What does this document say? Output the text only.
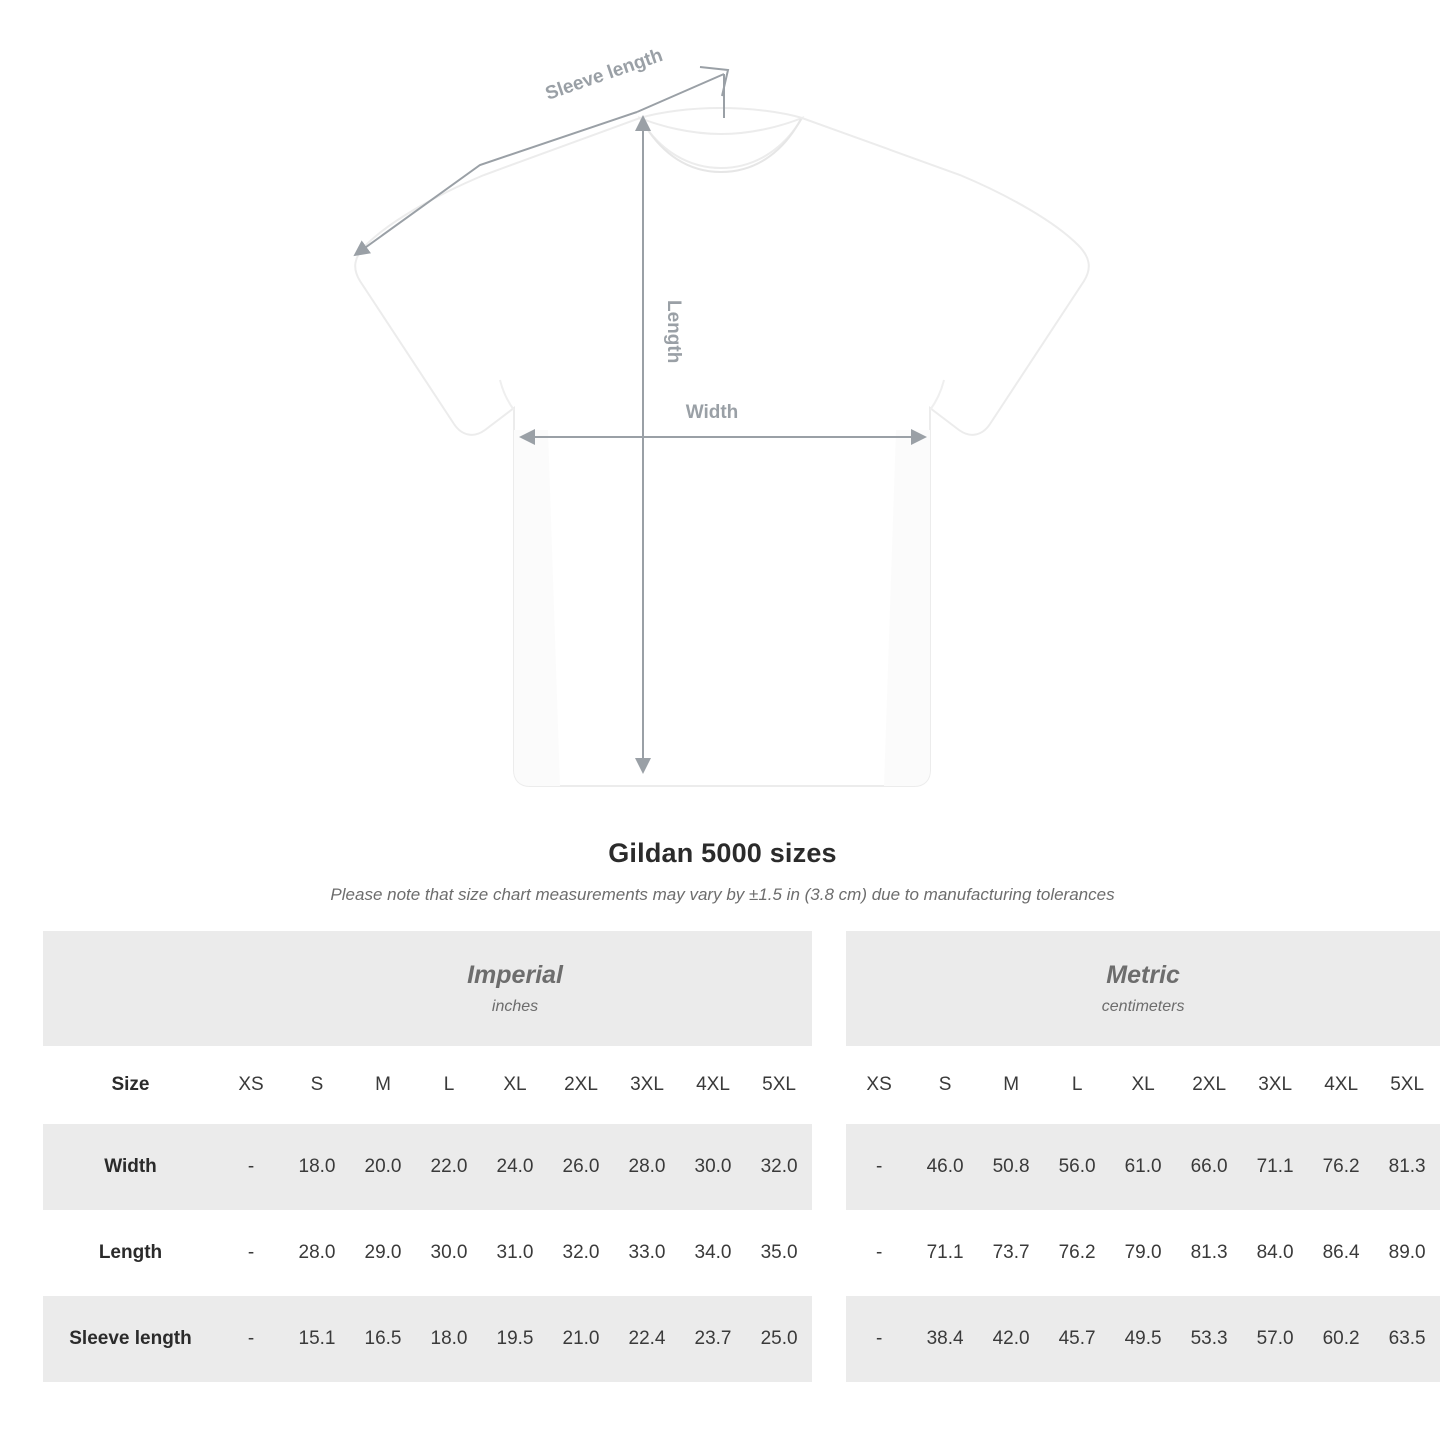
Sleeve length
Length
Width
Gildan 5000 sizes
Please note that size chart measurements may vary by ±1.5 in (3.8 cm) due to manufacturing tolerances

Imperial
inches

Metric
centimeters

Size	XS	S	M	L	XL	2XL	3XL	4XL	5XL		XS	S	M	L	XL	2XL	3XL	4XL	5XL
Width	-	18.0	20.0	22.0	24.0	26.0	28.0	30.0	32.0		-	46.0	50.8	56.0	61.0	66.0	71.1	76.2	81.3
Length	-	28.0	29.0	30.0	31.0	32.0	33.0	34.0	35.0		-	71.1	73.7	76.2	79.0	81.3	84.0	86.4	89.0
Sleeve length	-	15.1	16.5	18.0	19.5	21.0	22.4	23.7	25.0		-	38.4	42.0	45.7	49.5	53.3	57.0	60.2	63.5
